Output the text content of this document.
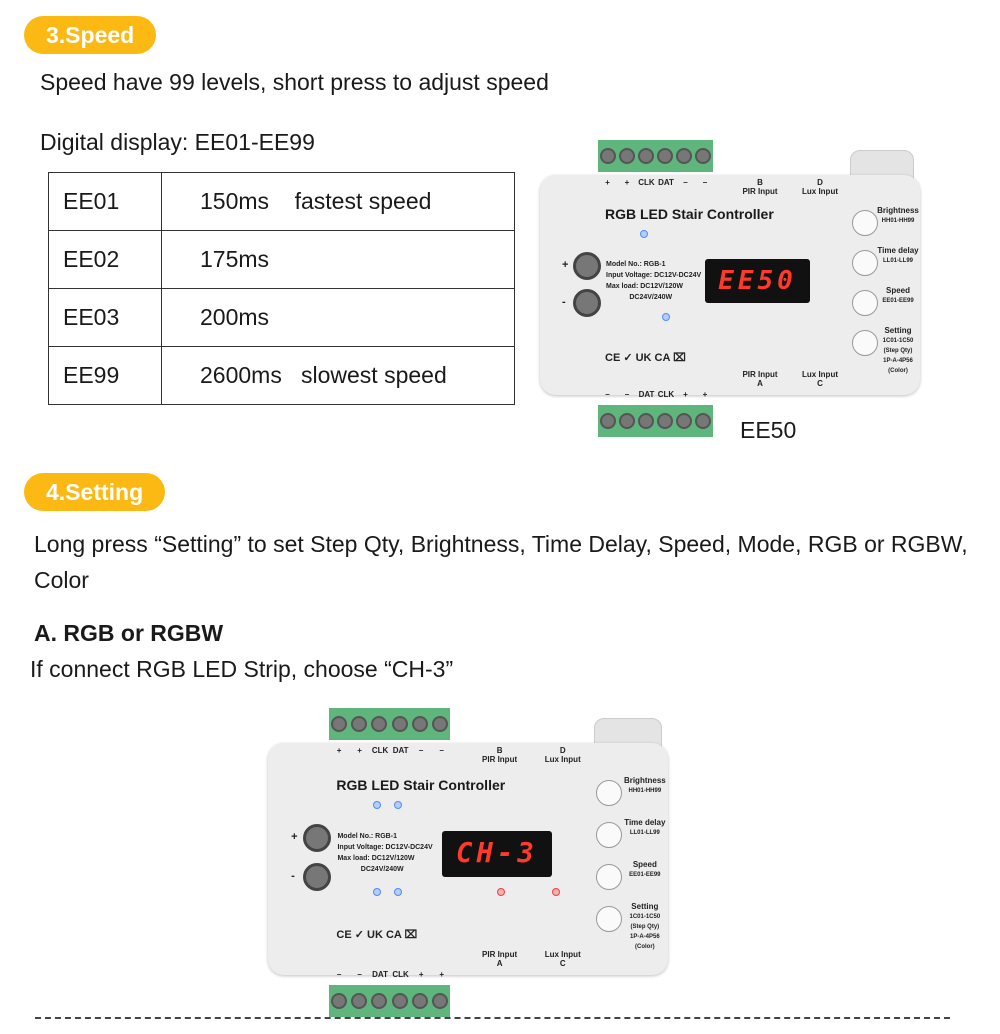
3.Speed
Speed have 99 levels, short press to adjust speed
Digital display: EE01-EE99
EE01	150ms    fastest speed
EE02	175ms
EE03	200ms
EE99	2600ms   slowest speed
+
–
+
–
CLK
DAT
DAT
CLK
–
+
–
+
B
PIR Input
D
Lux Input
PIR Input
A
Lux Input
C
RGB LED Stair Controller
Model No.: RGB-1
Input Voltage: DC12V-DC24V
Max load: DC12V/120W
DC24V/240W
+
-
EE50
CE ✓ UK CA ⌧
Brightness
HH01-HH99
Time delay
LL01-LL99
Speed
EE01-EE99
Setting
1C01-1C50
(Step Qty)
1P-A-4P56
(Color)
EE50
4.Setting
Long press “Setting” to set Step Qty, Brightness, Time Delay, Speed, Mode, RGB or RGBW, Color
A. RGB or RGBW
If connect RGB LED Strip, choose “CH-3”
+
–
+
–
CLK
DAT
DAT
CLK
–
+
–
+
B
PIR Input
D
Lux Input
PIR Input
A
Lux Input
C
RGB LED Stair Controller
Model No.: RGB-1
Input Voltage: DC12V-DC24V
Max load: DC12V/120W
DC24V/240W
+
-
CH-3
CE ✓ UK CA ⌧
Brightness
HH01-HH99
Time delay
LL01-LL99
Speed
EE01-EE99
Setting
1C01-1C50
(Step Qty)
1P-A-4P56
(Color)
